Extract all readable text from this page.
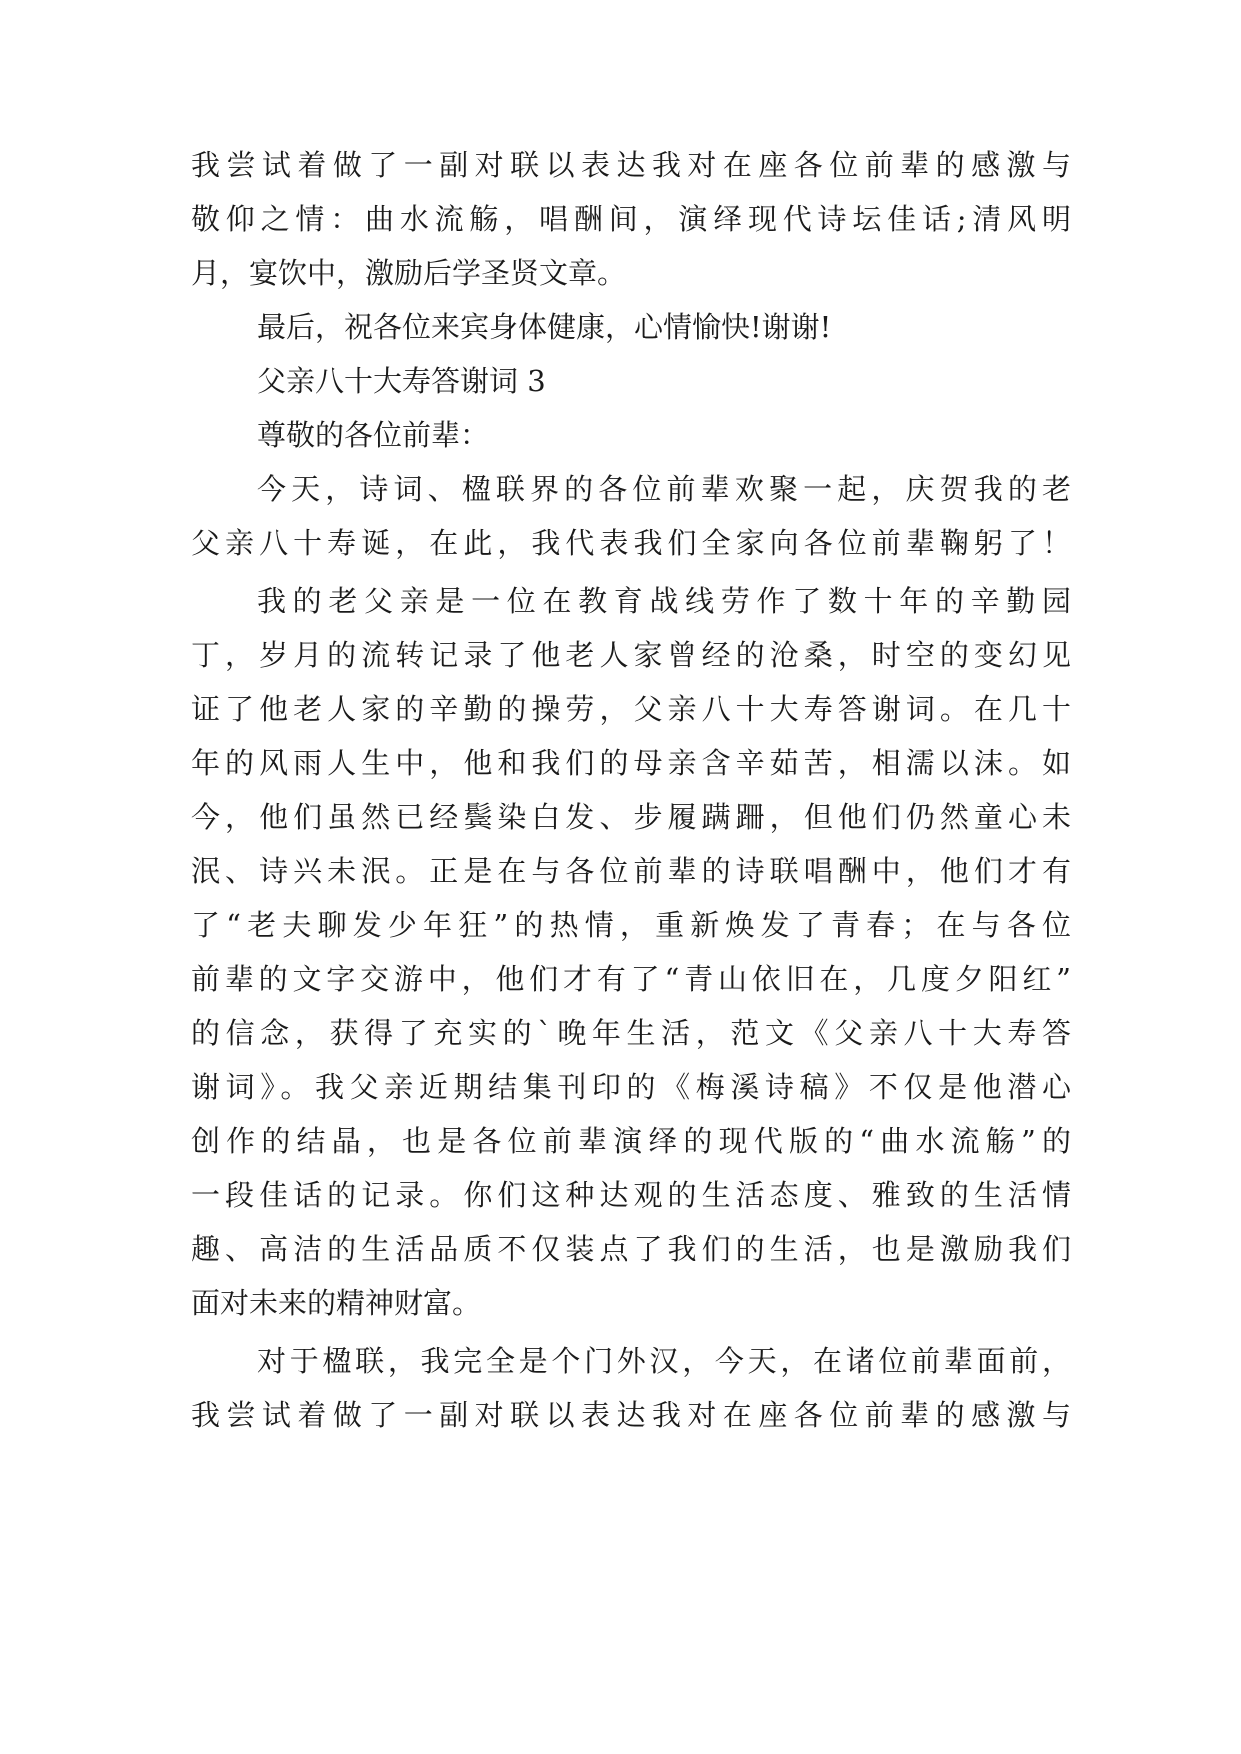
我尝试着做了一副对联以表达我对在座各位前辈的感激与
敬仰之情：曲水流觞，唱酬间，演绎现代诗坛佳话;清风明
月，宴饮中，激励后学圣贤文章。
最后，祝各位来宾身体健康，心情愉快!谢谢!
父亲八十大寿答谢词 3
尊敬的各位前辈：
今天，诗词、楹联界的各位前辈欢聚一起，庆贺我的老
父亲八十寿诞，在此，我代表我们全家向各位前辈鞠躬了！
我的老父亲是一位在教育战线劳作了数十年的辛勤园
丁，岁月的流转记录了他老人家曾经的沧桑，时空的变幻见
证了他老人家的辛勤的操劳，父亲八十大寿答谢词。在几十
年的风雨人生中，他和我们的母亲含辛茹苦，相濡以沫。如
今，他们虽然已经鬓染白发、步履蹒跚，但他们仍然童心未
泯、诗兴未泯。正是在与各位前辈的诗联唱酬中，他们才有
了“老夫聊发少年狂”的热情，重新焕发了青春；在与各位
前辈的文字交游中，他们才有了“青山依旧在，几度夕阳红”
的信念，获得了充实的`晚年生活，范文《父亲八十大寿答
谢词》。我父亲近期结集刊印的《梅溪诗稿》不仅是他潜心
创作的结晶，也是各位前辈演绎的现代版的“曲水流觞”的
一段佳话的记录。你们这种达观的生活态度、雅致的生活情
趣、高洁的生活品质不仅装点了我们的生活，也是激励我们
面对未来的精神财富。
对于楹联，我完全是个门外汉，今天，在诸位前辈面前，
我尝试着做了一副对联以表达我对在座各位前辈的感激与
